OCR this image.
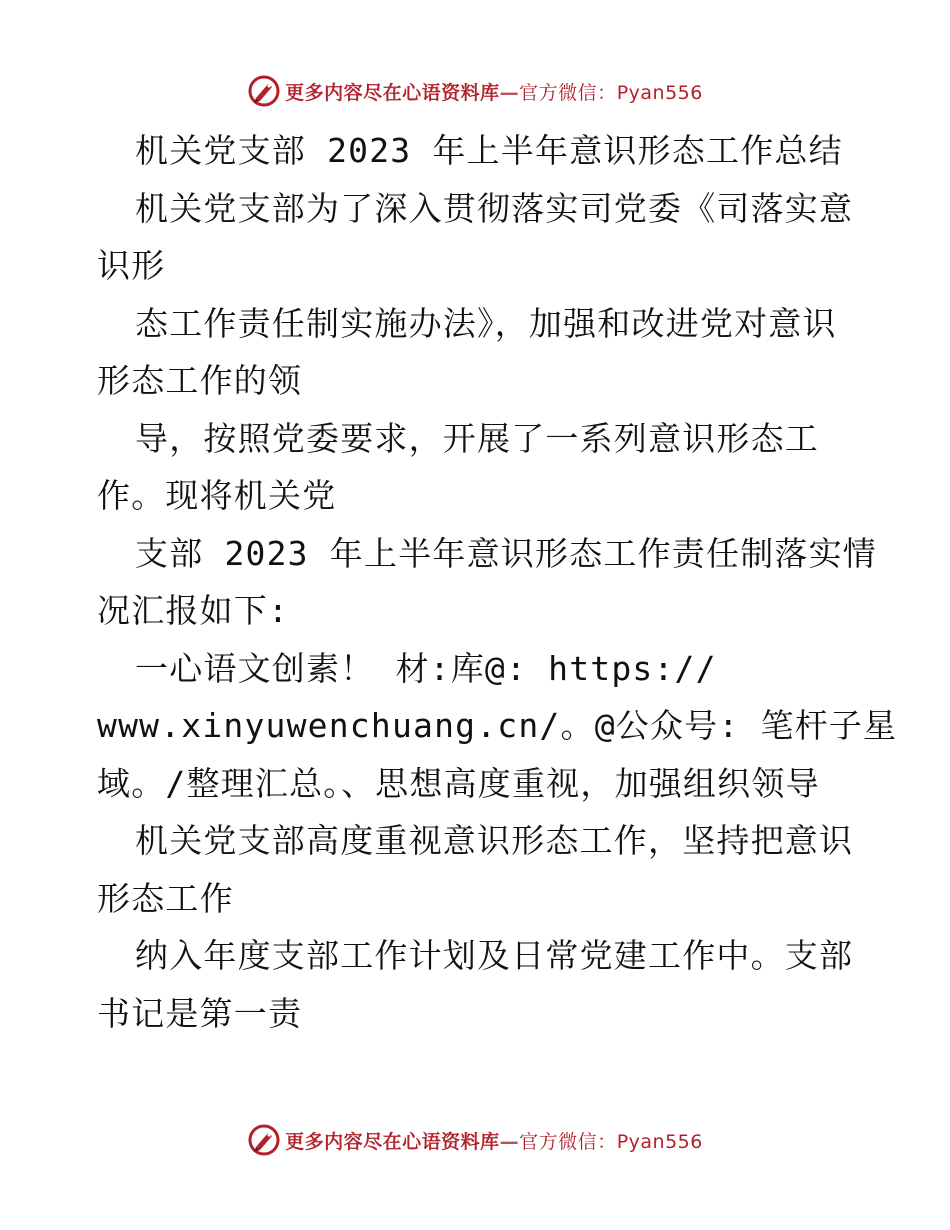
更多内容尽在心语资料库—官方微信：Pyan556

机关党支部 2023 年上半年意识形态工作总结

机关党支部为了深入贯彻落实司党委《司落实意

识形

态工作责任制实施办法》，加强和改进党对意识

形态工作的领

导，按照党委要求，开展了一系列意识形态工

作。现将机关党

支部 2023 年上半年意识形态工作责任制落实情

况汇报如下:

一心语文创素！ 材:库@: https://

www.xinyuwenchuang.cn/。@公众号: 笔杆子星

域。/整理汇总。、思想高度重视，加强组织领导

机关党支部高度重视意识形态工作，坚持把意识

形态工作

纳入年度支部工作计划及日常党建工作中。支部

书记是第一责

更多内容尽在心语资料库—官方微信：Pyan556
